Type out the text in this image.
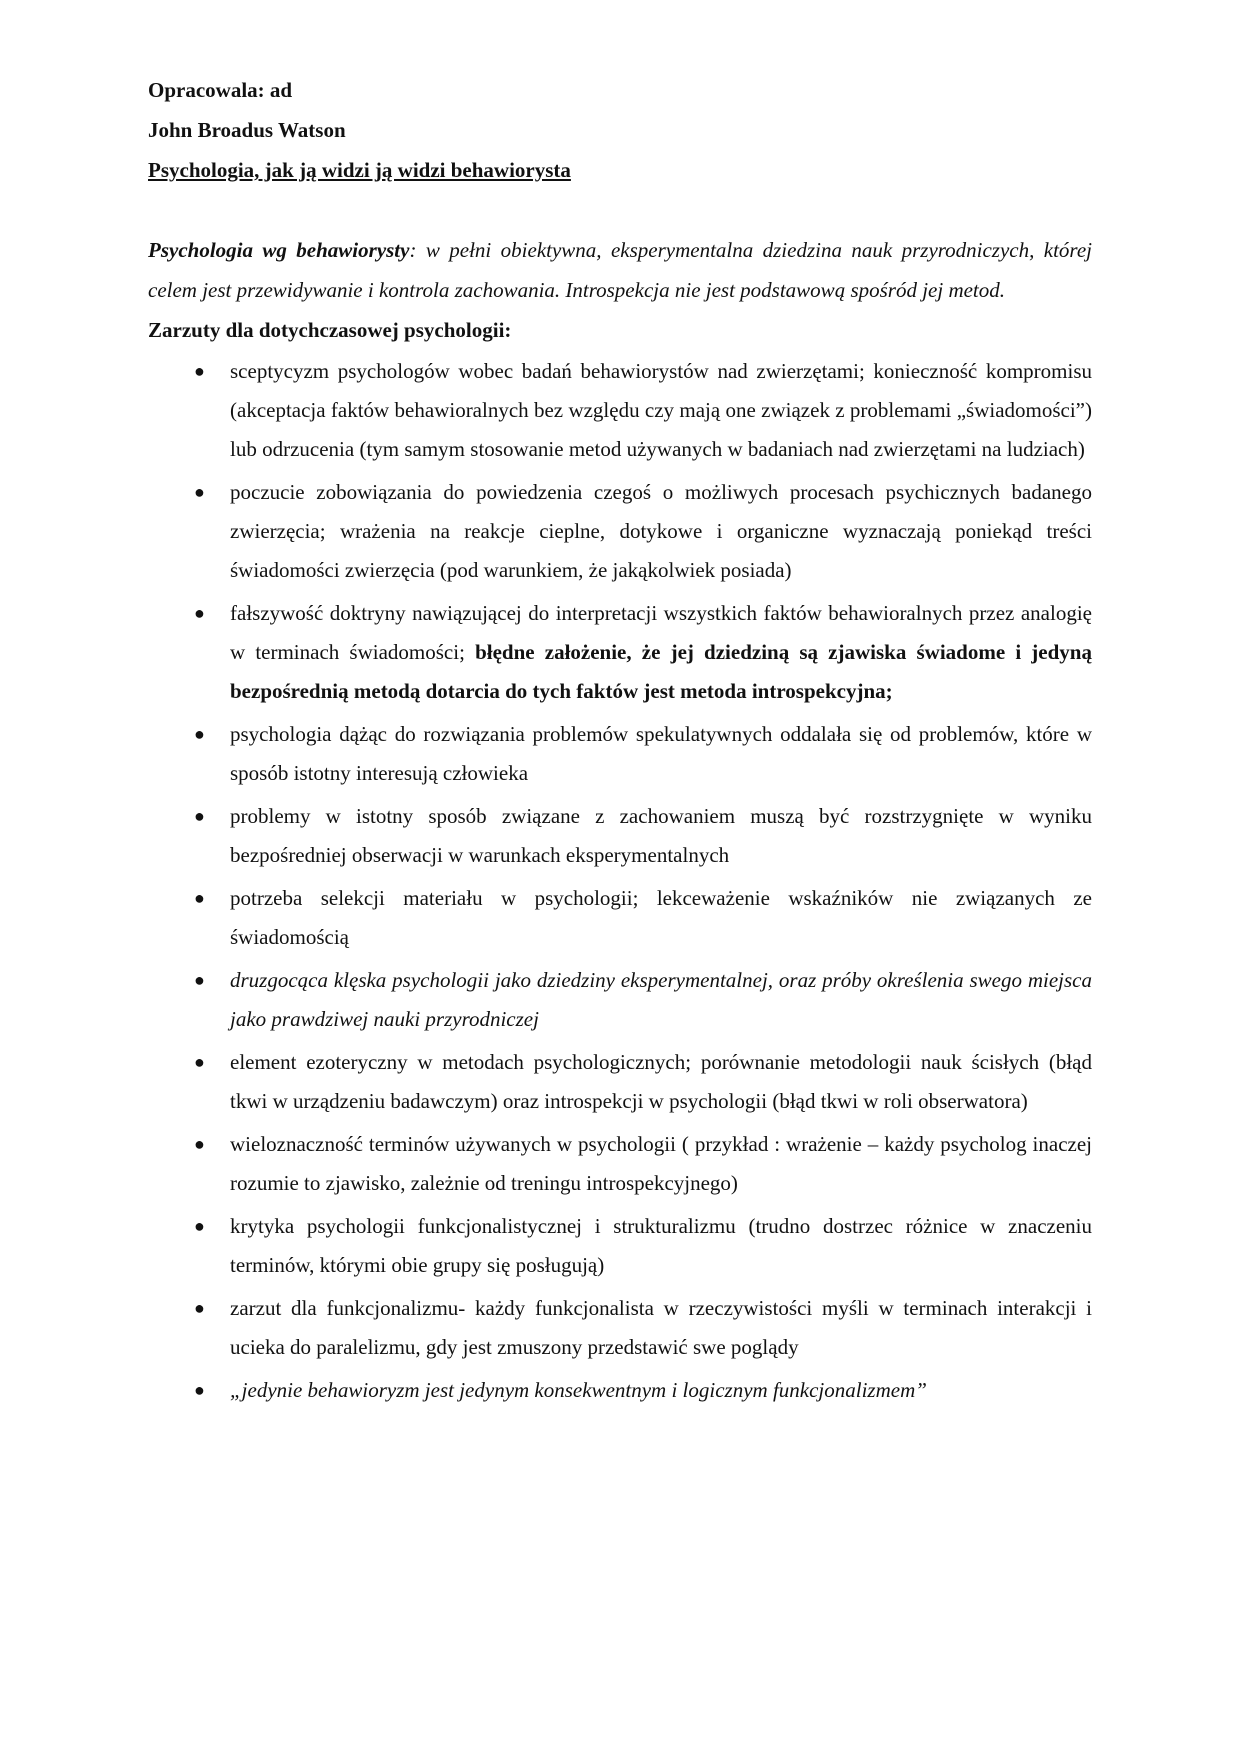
Opracowala: ad

John Broadus Watson

Psychologia, jak ją widzi ją widzi behawiorysta

Psychologia wg behawiorysty: w pełni obiektywna, eksperymentalna dziedzina nauk przyrodniczych, której celem jest przewidywanie i kontrola zachowania. Introspekcja nie jest podstawową spośród jej metod.

Zarzuty dla dotychczasowej psychologii:

● sceptycyzm psychologów wobec badań behawiorystów nad zwierzętami; konieczność kompromisu (akceptacja faktów behawioralnych bez względu czy mają one związek z problemami „świadomości”) lub odrzucenia (tym samym stosowanie metod używanych w badaniach nad zwierzętami na ludziach)
● poczucie zobowiązania do powiedzenia czegoś o możliwych procesach psychicznych badanego zwierzęcia; wrażenia na reakcje cieplne, dotykowe i organiczne wyznaczają poniekąd treści świadomości zwierzęcia (pod warunkiem, że jakąkolwiek posiada)
● fałszywość doktryny nawiązującej do interpretacji wszystkich faktów behawioralnych przez analogię w terminach świadomości; błędne założenie, że jej dziedziną są zjawiska świadome i jedyną bezpośrednią metodą dotarcia do tych faktów jest metoda introspekcyjna;
● psychologia dążąc do rozwiązania problemów spekulatywnych oddalała się od problemów, które w sposób istotny interesują człowieka
● problemy w istotny sposób związane z zachowaniem muszą być rozstrzygnięte w wyniku bezpośredniej obserwacji w warunkach eksperymentalnych
● potrzeba selekcji materiału w psychologii; lekceważenie wskaźników nie związanych ze świadomością
● druzgocąca klęska psychologii jako dziedziny eksperymentalnej, oraz próby określenia swego miejsca jako prawdziwej nauki przyrodniczej
● element ezoteryczny w metodach psychologicznych; porównanie metodologii nauk ścisłych (błąd tkwi w urządzeniu badawczym) oraz introspekcji w psychologii (błąd tkwi w roli obserwatora)
● wieloznaczność terminów używanych w psychologii ( przykład : wrażenie – każdy psycholog inaczej rozumie to zjawisko, zależnie od treningu introspekcyjnego)
● krytyka psychologii funkcjonalistycznej i strukturalizmu (trudno dostrzec różnice w znaczeniu terminów, którymi obie grupy się posługują)
● zarzut dla funkcjonalizmu- każdy funkcjonalista w rzeczywistości myśli w terminach interakcji i ucieka do paralelizmu, gdy jest zmuszony przedstawić swe poglądy
● „jedynie behawioryzm jest jedynym konsekwentnym i logicznym funkcjonalizmem”
